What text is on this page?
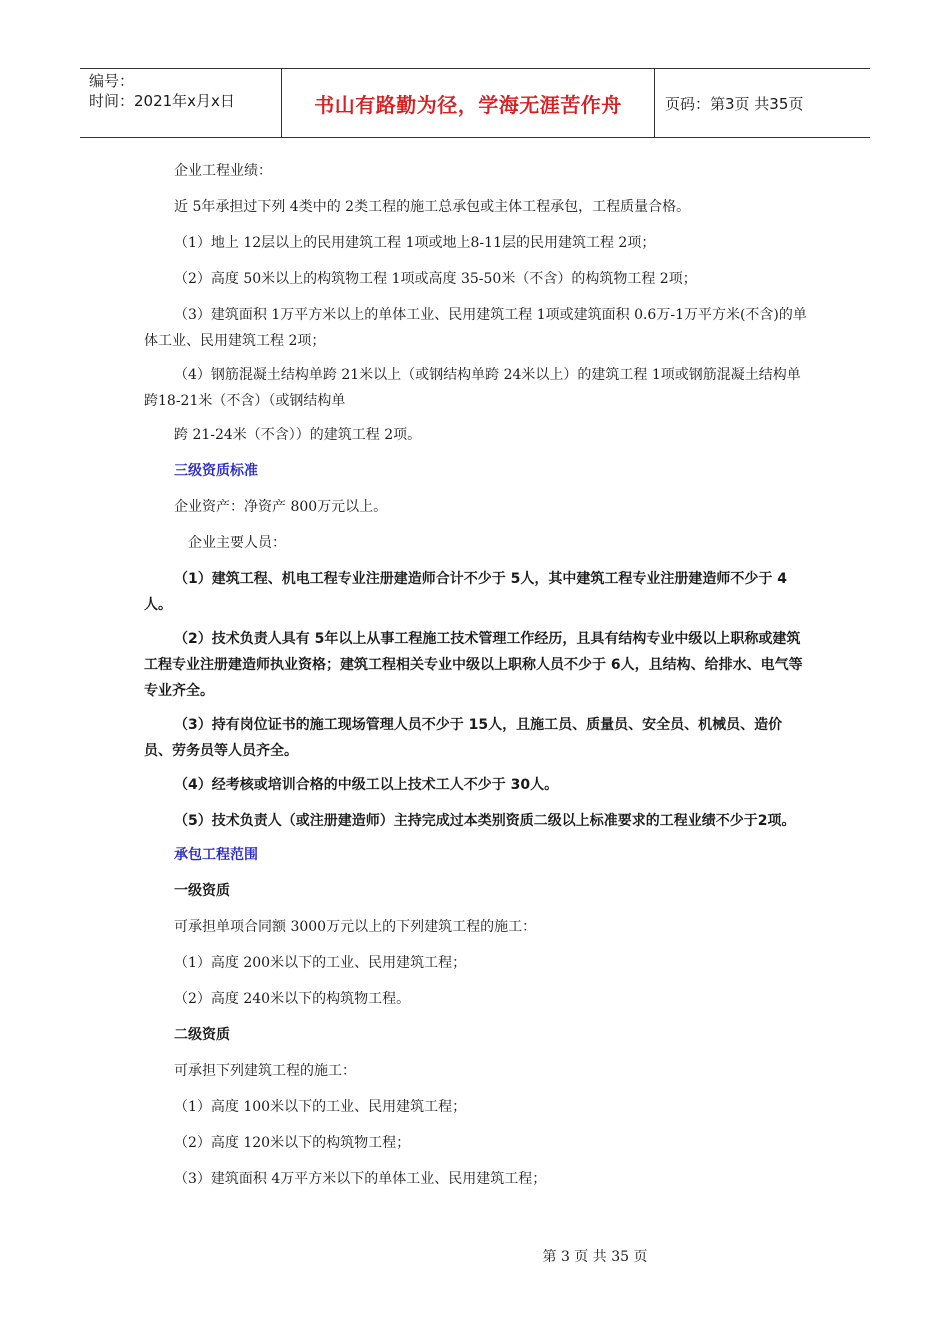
编号：
时间：2021年x月x日	书山有路勤为径，学海无涯苦作舟	页码：第3页 共35页

企业工程业绩：

近 5年承担过下列 4类中的 2类工程的施工总承包或主体工程承包，工程质量合格。

（1）地上 12层以上的民用建筑工程 1项或地上8-11层的民用建筑工程 2项；

（2）高度 50米以上的构筑物工程 1项或高度 35-50米（不含）的构筑物工程 2项；

（3）建筑面积 1万平方米以上的单体工业、民用建筑工程 1项或建筑面积 0.6万-1万平方米(不含)的单体工业、民用建筑工程 2项；

（4）钢筋混凝土结构单跨 21米以上（或钢结构单跨 24米以上）的建筑工程 1项或钢筋混凝土结构单跨18-21米（不含）（或钢结构单

跨 21-24米（不含））的建筑工程 2项。

三级资质标准

企业资产：净资产 800万元以上。

企业主要人员：

（1）建筑工程、机电工程专业注册建造师合计不少于 5人，其中建筑工程专业注册建造师不少于 4人。

（2）技术负责人具有 5年以上从事工程施工技术管理工作经历，且具有结构专业中级以上职称或建筑工程专业注册建造师执业资格；建筑工程相关专业中级以上职称人员不少于 6人，且结构、给排水、电气等专业齐全。

（3）持有岗位证书的施工现场管理人员不少于 15人，且施工员、质量员、安全员、机械员、造价员、劳务员等人员齐全。

（4）经考核或培训合格的中级工以上技术工人不少于 30人。

（5）技术负责人（或注册建造师）主持完成过本类别资质二级以上标准要求的工程业绩不少于2项。

承包工程范围

一级资质

可承担单项合同额 3000万元以上的下列建筑工程的施工：

（1）高度 200米以下的工业、民用建筑工程；

（2）高度 240米以下的构筑物工程。

二级资质

可承担下列建筑工程的施工：

（1）高度 100米以下的工业、民用建筑工程；

（2）高度 120米以下的构筑物工程；

（3）建筑面积 4万平方米以下的单体工业、民用建筑工程；

第 3 页 共 35 页
